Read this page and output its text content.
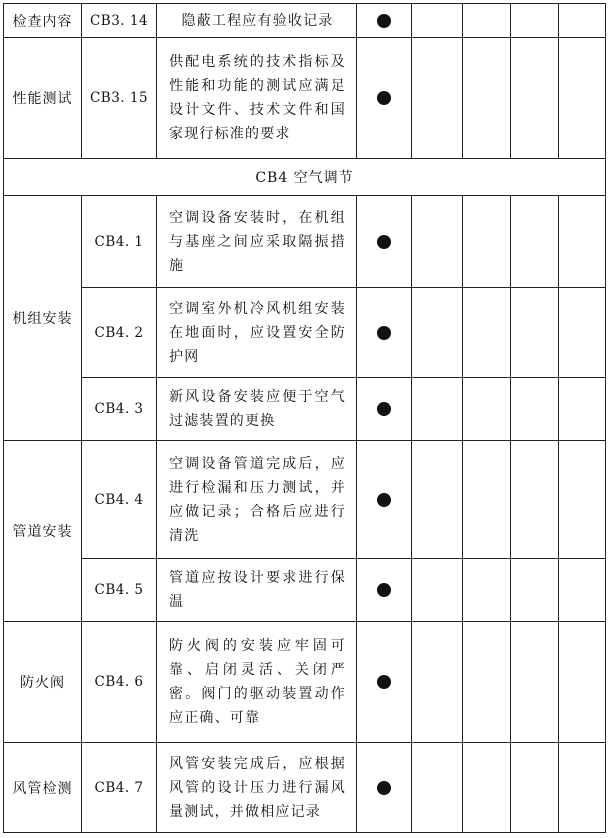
检查内容	CB3. 14	隐蔽工程应有验收记录					
性能测试	CB3. 15	供配电系统的技术指标及性能和功能的测试应满足设计文件、技术文件和国家现行标准的要求					
CB4 空气调节							
机组安装	CB4. 1	空调设备安装时，在机组与基座之间应采取隔振措施					
	CB4. 2	空调室外机冷风机组安装在地面时，应设置安全防护网					
	CB4. 3	新风设备安装应便于空气过滤装置的更换					
管道安装	CB4. 4	空调设备管道完成后，应进行检漏和压力测试，并应做记录；合格后应进行清洗					
	CB4. 5	管道应按设计要求进行保温					
防火阀	CB4. 6	防火阀的安装应牢固可靠、启闭灵活、关闭严密。阀门的驱动装置动作应正确、可靠					
风管检测	CB4. 7	风管安装完成后，应根据风管的设计压力进行漏风量测试，并做相应记录					
